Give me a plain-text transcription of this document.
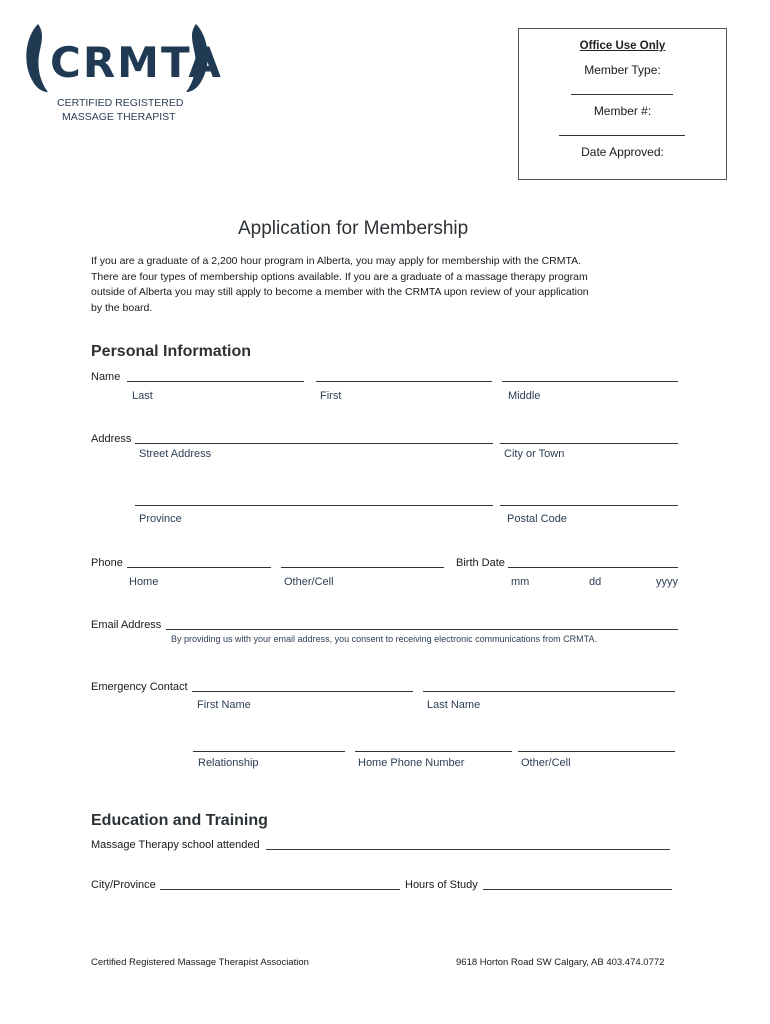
CRMTA
CERTIFIED REGISTERED
MASSAGE THERAPIST
Office Use Only
Member Type:
Member #:
Date Approved:
Application for Membership

If you are a graduate of a 2,200 hour program in Alberta, you may apply for membership with the CRMTA.

There are four types of membership options available. If you are a graduate of a massage therapy program

outside of Alberta you may still apply to become a member with the CRMTA upon review of your application

by the board.

Personal Information
Name
Last	First	Middle
Address
Street Address	City or Town
Province	Postal Code
Phone	Birth Date
Home	Other/Cell	mm	dd	yyyy
Email Address
By providing us with your email address, you consent to receiving electronic communications from CRMTA.
Emergency Contact
First Name	Last Name
Relationship	Home Phone Number	Other/Cell
Education and Training
Massage Therapy school attended
City/Province	Hours of Study
Certified Registered Massage Therapist Association	9618 Horton Road SW Calgary, AB 403.474.0772
